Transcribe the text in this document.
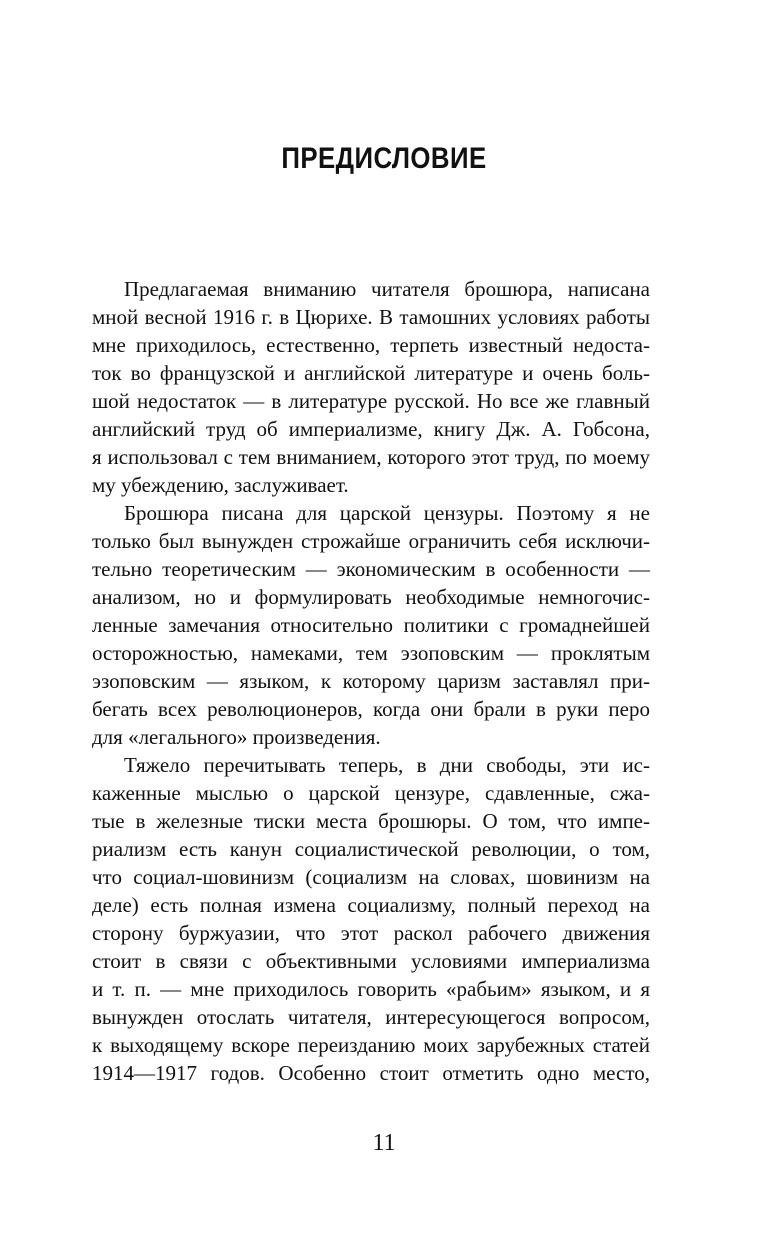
ПРЕДИСЛОВИЕ
Предлагаемая вниманию читателя брошюра, написана
мной весной 1916 г. в Цюрихе. В тамошних условиях работы
мне приходилось, естественно, терпеть известный недоста-
ток во французской и английской литературе и очень боль-
шой недостаток — в литературе русской. Но все же главный
английский труд об империализме, книгу Дж. А. Гобсона,
я использовал с тем вниманием, которого этот труд, по моему
му убеждению, заслуживает.
Брошюра писана для царской цензуры. Поэтому я не
только был вынужден строжайше ограничить себя исключи-
тельно теоретическим — экономическим в особенности —
анализом, но и формулировать необходимые немногочис-
ленные замечания относительно политики с громаднейшей
осторожностью, намеками, тем эзоповским — проклятым
эзоповским — языком, к которому царизм заставлял при-
бегать всех революционеров, когда они брали в руки перо
для «легального» произведения.
Тяжело перечитывать теперь, в дни свободы, эти ис-
каженные мыслью о царской цензуре, сдавленные, сжа-
тые в железные тиски места брошюры. О том, что импе-
риализм есть канун социалистической революции, о том,
что социал-шовинизм (социализм на словах, шовинизм на
деле) есть полная измена социализму, полный переход на
сторону буржуазии, что этот раскол рабочего движения
стоит в связи с объективными условиями империализма
и т. п. — мне приходилось говорить «рабьим» языком, и я
вынужден отослать читателя, интересующегося вопросом,
к выходящему вскоре переизданию моих зарубежных статей
1914—1917 годов. Особенно стоит отметить одно место,
11
